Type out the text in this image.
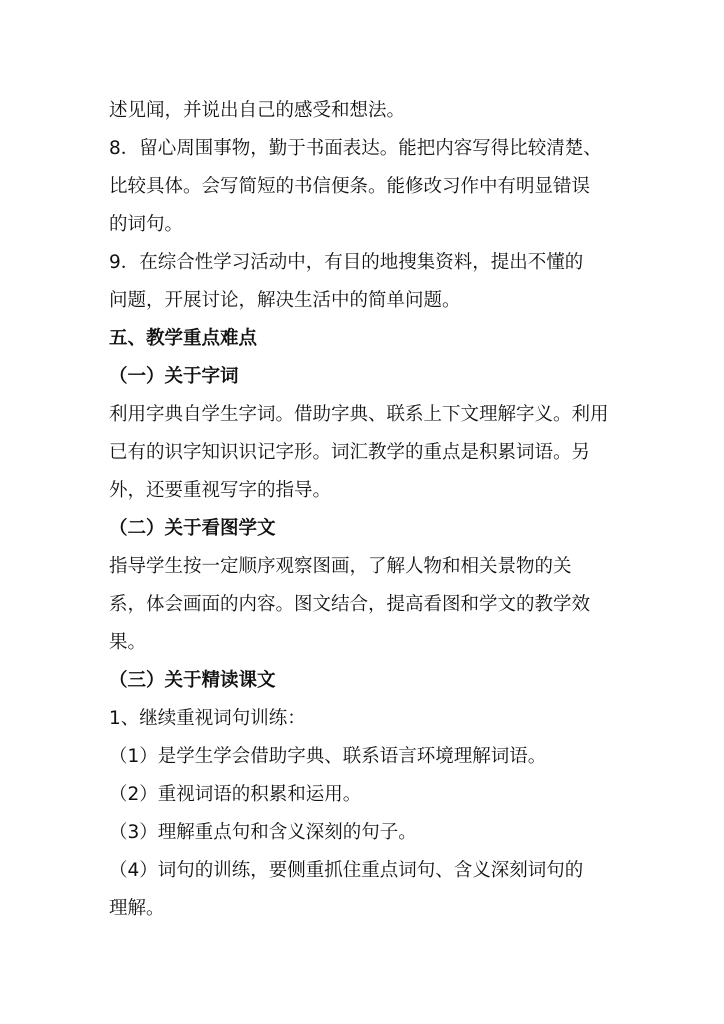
述见闻，并说出自己的感受和想法。
8．留心周围事物，勤于书面表达。能把内容写得比较清楚、
比较具体。会写简短的书信便条。能修改习作中有明显错误
的词句。
9．在综合性学习活动中，有目的地搜集资料，提出不懂的
问题，开展讨论，解决生活中的简单问题。
五、教学重点难点
（一）关于字词
利用字典自学生字词。借助字典、联系上下文理解字义。利用
已有的识字知识识记字形。词汇教学的重点是积累词语。另
外，还要重视写字的指导。
（二）关于看图学文
指导学生按一定顺序观察图画，了解人物和相关景物的关
系，体会画面的内容。图文结合，提高看图和学文的教学效
果。
（三）关于精读课文
1、继续重视词句训练：
（1）是学生学会借助字典、联系语言环境理解词语。
（2）重视词语的积累和运用。
（3）理解重点句和含义深刻的句子。
（4）词句的训练，要侧重抓住重点词句、含义深刻词句的
理解。
